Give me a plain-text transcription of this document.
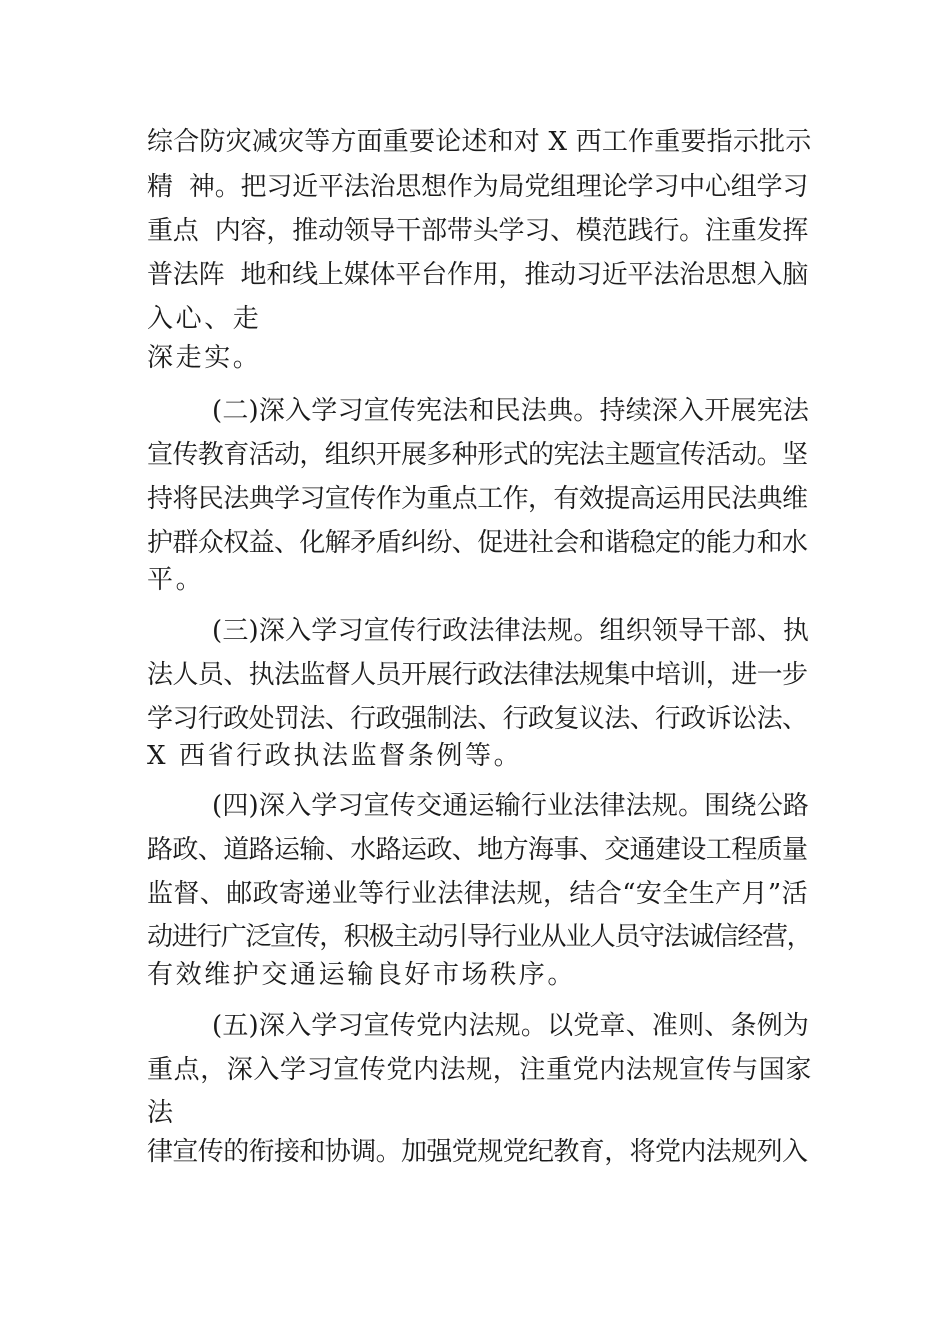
综合防灾减灾等方面重要论述和对 X 西工作重要指示批示

精  神。把习近平法治思想作为局党组理论学习中心组学习

重点  内容，推动领导干部带头学习、模范践行。注重发挥

普法阵  地和线上媒体平台作用，推动习近平法治思想入脑

入心、走

深走实。

(二)深入学习宣传宪法和民法典。持续深入开展宪法

宣传教育活动，组织开展多种形式的宪法主题宣传活动。坚

持将民法典学习宣传作为重点工作，有效提高运用民法典维

护群众权益、化解矛盾纠纷、促进社会和谐稳定的能力和水

平。

(三)深入学习宣传行政法律法规。组织领导干部、执

法人员、执法监督人员开展行政法律法规集中培训，进一步

学习行政处罚法、行政强制法、行政复议法、行政诉讼法、

X 西省行政执法监督条例等。

(四)深入学习宣传交通运输行业法律法规。围绕公路

路政、道路运输、水路运政、地方海事、交通建设工程质量

监督、邮政寄递业等行业法律法规，结合“安全生产月”活

动进行广泛宣传，积极主动引导行业从业人员守法诚信经营，

有效维护交通运输良好市场秩序。

(五)深入学习宣传党内法规。以党章、准则、条例为

重点，深入学习宣传党内法规，注重党内法规宣传与国家

法

律宣传的衔接和协调。加强党规党纪教育，将党内法规列入
